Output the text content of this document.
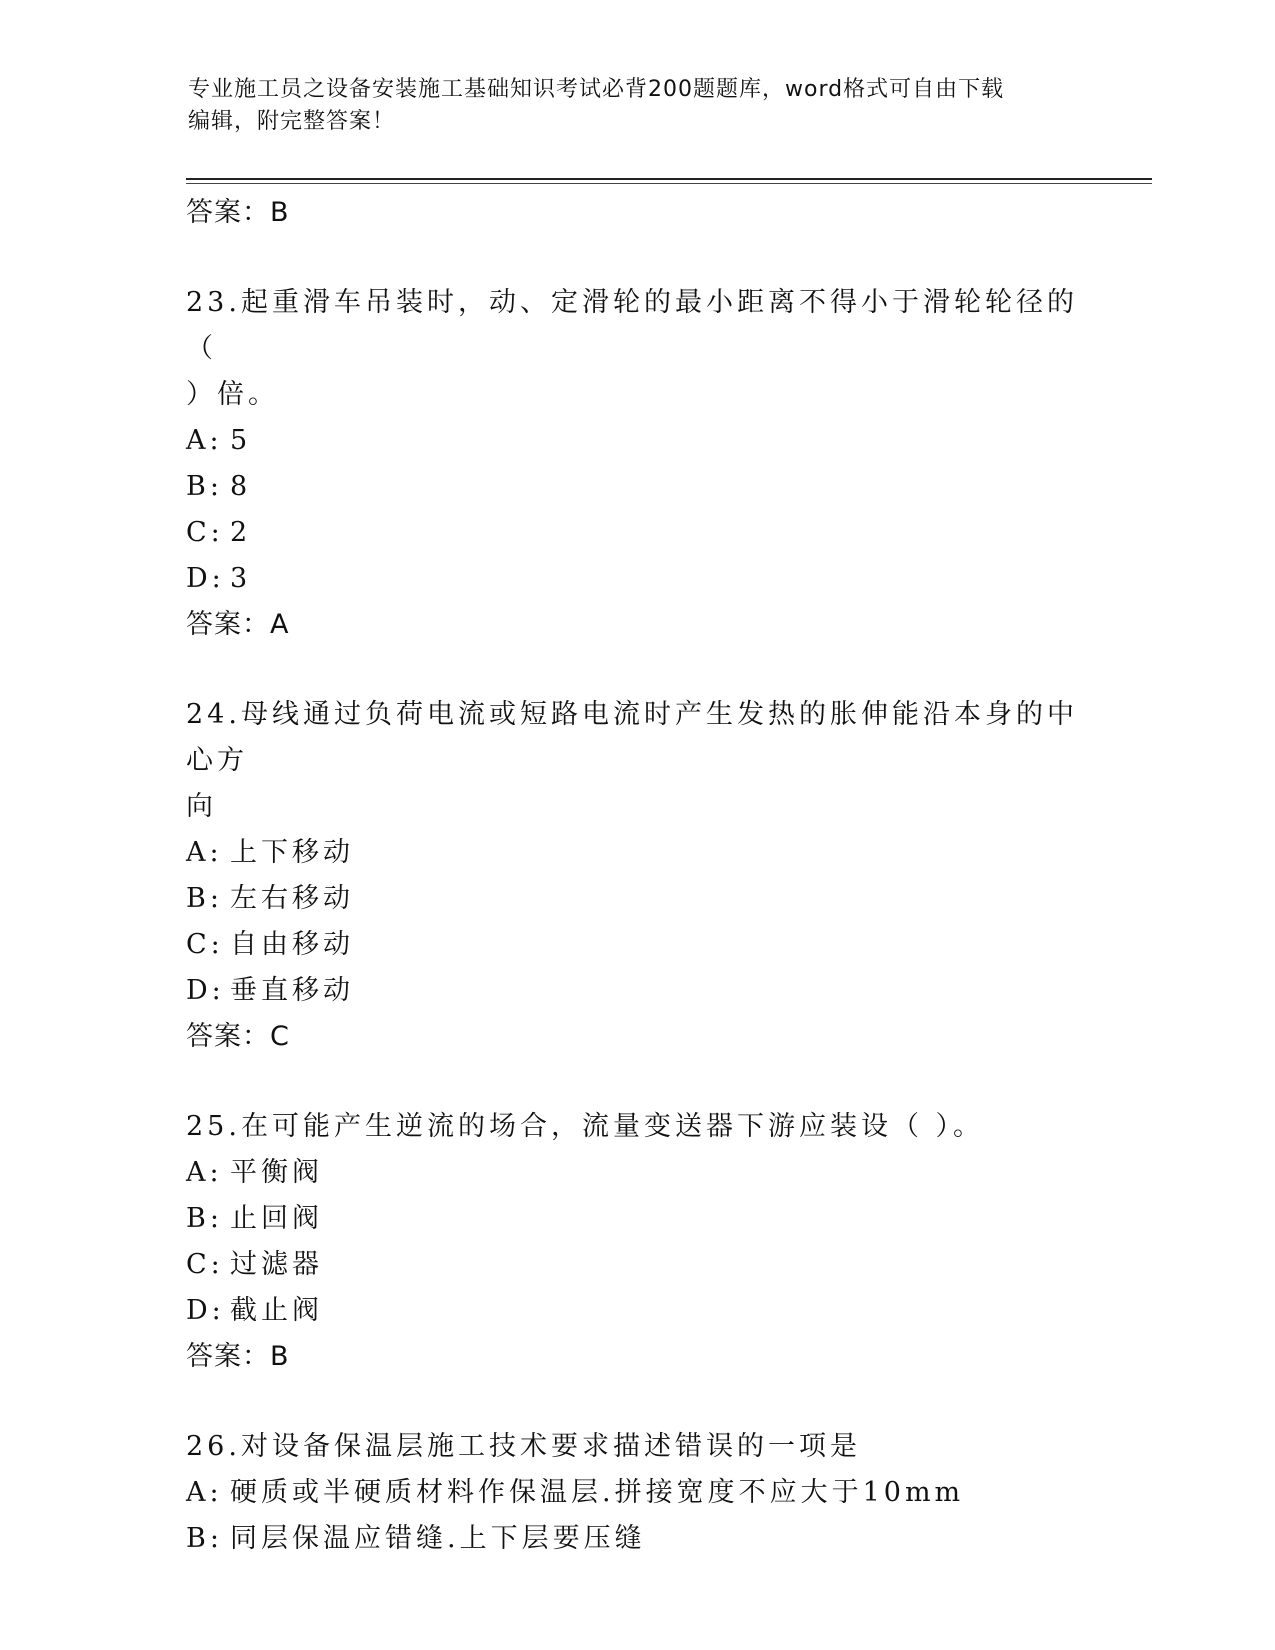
专业施工员之设备安装施工基础知识考试必背200题题库，word格式可自由下载
编辑，附完整答案！
答案：B
23.起重滑车吊装时，动、定滑轮的最小距离不得小于滑轮轮径的（
）倍。
A: 5
B: 8
C: 2
D: 3
答案：A
24.母线通过负荷电流或短路电流时产生发热的胀伸能沿本身的中心方
向
A: 上下移动
B: 左右移动
C: 自由移动
D: 垂直移动
答案：C
25.在可能产生逆流的场合，流量变送器下游应装设（ ）。
A: 平衡阀
B: 止回阀
C: 过滤器
D: 截止阀
答案：B
26.对设备保温层施工技术要求描述错误的一项是
A: 硬质或半硬质材料作保温层.拼接宽度不应大于10mm
B: 同层保温应错缝.上下层要压缝
